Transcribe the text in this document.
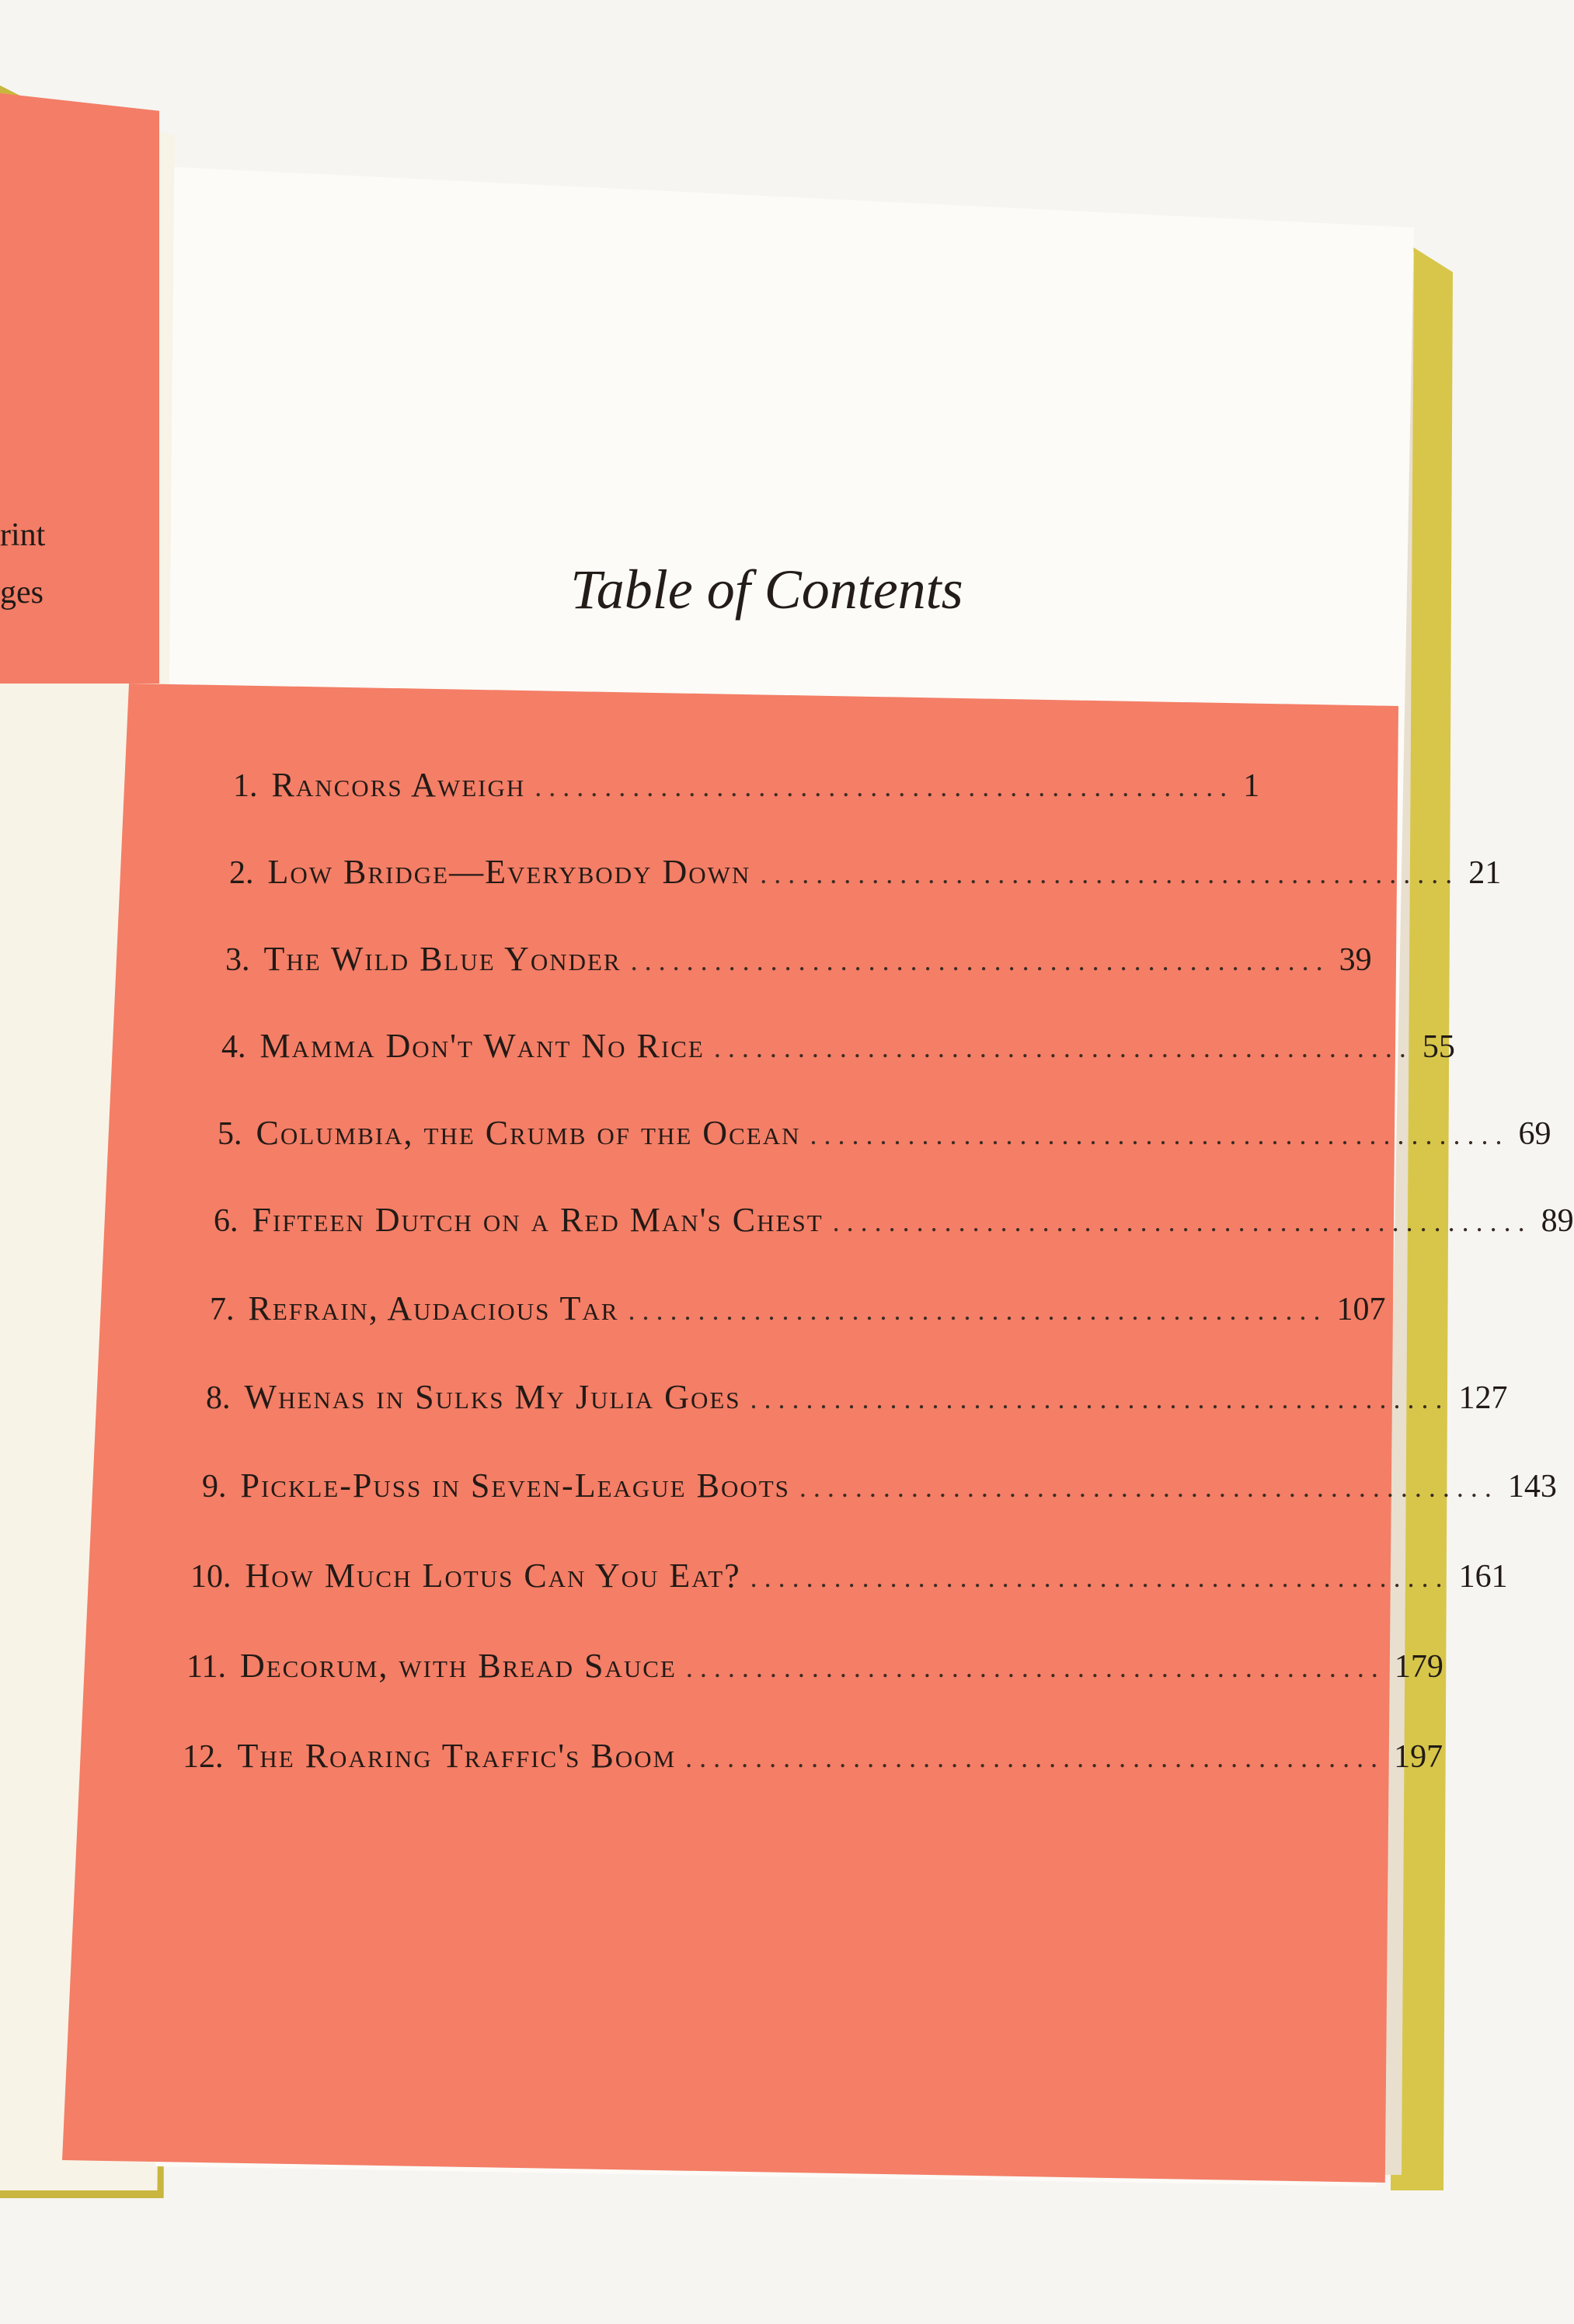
rint
ges	Table of Contents
1. Rancors Aweigh .................................................. 1
2. Low Bridge—Everybody Down .................................................. 21
3. The Wild Blue Yonder .................................................. 39
4. Mamma Don't Want No Rice .................................................. 55
5. Columbia, the Crumb of the Ocean .................................................. 69
6. Fifteen Dutch on a Red Man's Chest .................................................. 89
7. Refrain, Audacious Tar .................................................. 107
8. Whenas in Sulks My Julia Goes .................................................. 127
9. Pickle-Puss in Seven-League Boots .................................................. 143
10. How Much Lotus Can You Eat? .................................................. 161
11. Decorum, with Bread Sauce .................................................. 179
12. The Roaring Traffic's Boom .................................................. 197
